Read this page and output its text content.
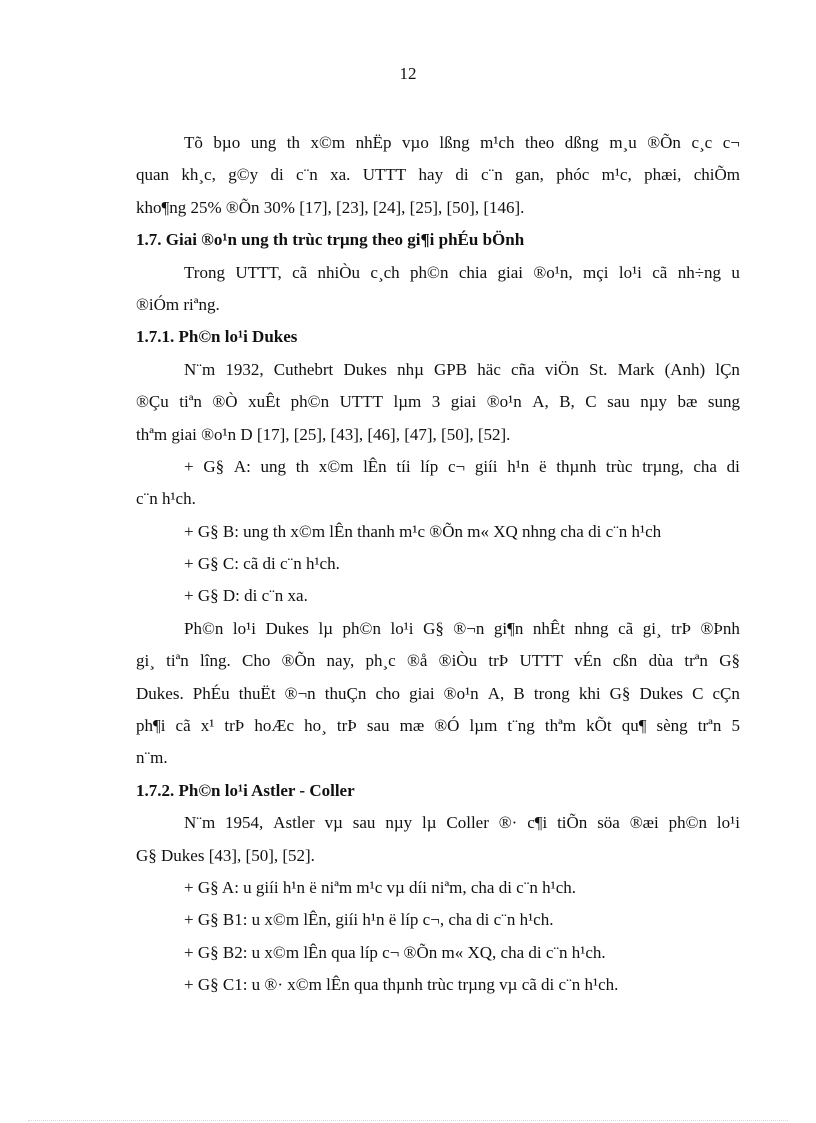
12
Tõ bµo ung th x©m nhËp vµo lßng m¹ch theo dßng m¸u ®Õn c¸c c¬
quan kh¸c, g©y di c¨n xa. UTTT hay di c¨n gan, phóc m¹c, phæi, chiÕm
kho¶ng 25% ®Õn 30% [17], [23], [24], [25], [50], [146].
1.7. Giai ®o¹n ung th trùc trµng theo gi¶i phÉu bÖnh
Trong UTTT, cã nhiÒu c¸ch ph©n chia giai ®o¹n, mçi lo¹i cã nh÷ng u
®iÓm riªng.
1.7.1. Ph©n lo¹i Dukes
N¨m 1932, Cuthebrt Dukes nhµ GPB häc cña viÖn St. Mark (Anh) lÇn
®Çu tiªn ®Ò xuÊt ph©n UTTT lµm 3 giai ®o¹n A, B, C sau nµy bæ sung
thªm giai ®o¹n D [17], [25], [43], [46], [47], [50], [52].
+ G§ A: ung th x©m lÊn tíi líp c¬ giíi h¹n ë thµnh trùc trµng, cha di
c¨n h¹ch.
+ G§ B: ung th x©m lÊn thanh m¹c ®Õn m« XQ nhng cha di c¨n h¹ch
+ G§ C: cã di c¨n h¹ch.
+ G§ D: di c¨n xa.
Ph©n lo¹i Dukes lµ ph©n lo¹i G§ ®¬n gi¶n nhÊt nhng cã gi¸ trÞ ®Þnh
gi¸ tiªn lîng. Cho ®Õn nay, ph¸c ®å ®iÒu trÞ UTTT vÉn cßn dùa trªn G§
Dukes. PhÉu thuËt ®¬n thuÇn cho giai ®o¹n A, B trong khi G§ Dukes C cÇn
ph¶i cã x¹ trÞ hoÆc ho¸ trÞ sau mæ ®Ó lµm t¨ng thªm kÕt qu¶ sèng trªn 5
n¨m.
1.7.2. Ph©n lo¹i Astler - Coller
N¨m 1954, Astler vµ sau nµy lµ Coller ®· c¶i tiÕn söa ®æi ph©n lo¹i
G§ Dukes [43], [50], [52].
+ G§ A: u giíi h¹n ë niªm m¹c vµ díi niªm, cha di c¨n h¹ch.
+ G§ B1: u x©m lÊn, giíi h¹n ë líp c¬, cha di c¨n h¹ch.
+ G§ B2: u x©m lÊn qua líp c¬ ®Õn m« XQ, cha di c¨n h¹ch.
+ G§ C1: u ®· x©m lÊn qua thµnh trùc trµng vµ cã di c¨n h¹ch.
